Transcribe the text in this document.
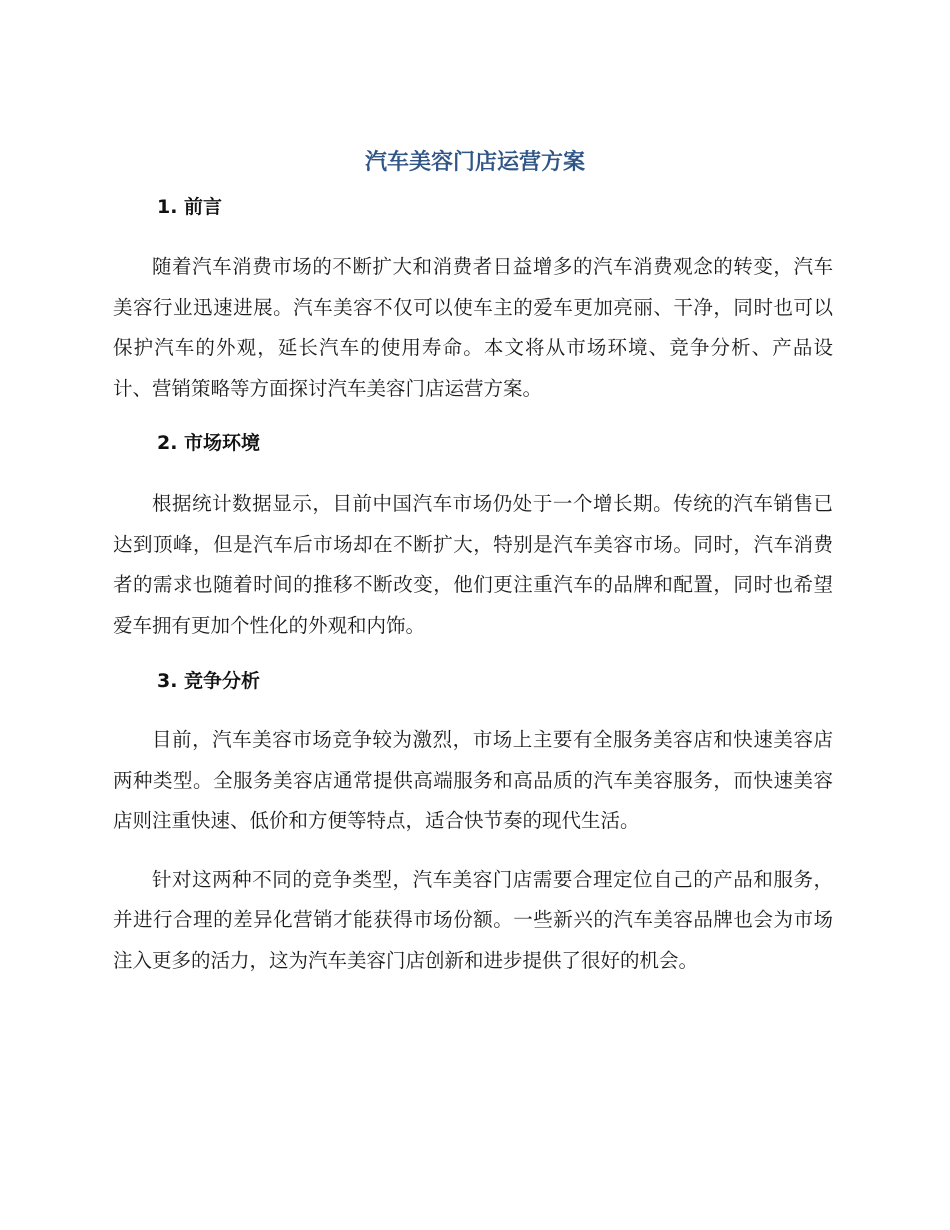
汽车美容门店运营方案
1. 前言

随着汽车消费市场的不断扩大和消费者日益增多的汽车消费观念的转变，汽车美容行业迅速进展。汽车美容不仅可以使车主的爱车更加亮丽、干净，同时也可以保护汽车的外观，延长汽车的使用寿命。本文将从市场环境、竞争分析、产品设计、营销策略等方面探讨汽车美容门店运营方案。

2. 市场环境

根据统计数据显示，目前中国汽车市场仍处于一个增长期。传统的汽车销售已达到顶峰，但是汽车后市场却在不断扩大，特别是汽车美容市场。同时，汽车消费者的需求也随着时间的推移不断改变，他们更注重汽车的品牌和配置，同时也希望爱车拥有更加个性化的外观和内饰。

3. 竞争分析

目前，汽车美容市场竞争较为激烈，市场上主要有全服务美容店和快速美容店两种类型。全服务美容店通常提供高端服务和高品质的汽车美容服务，而快速美容店则注重快速、低价和方便等特点，适合快节奏的现代生活。

针对这两种不同的竞争类型，汽车美容门店需要合理定位自己的产品和服务，并进行合理的差异化营销才能获得市场份额。一些新兴的汽车美容品牌也会为市场注入更多的活力，这为汽车美容门店创新和进步提供了很好的机会。
